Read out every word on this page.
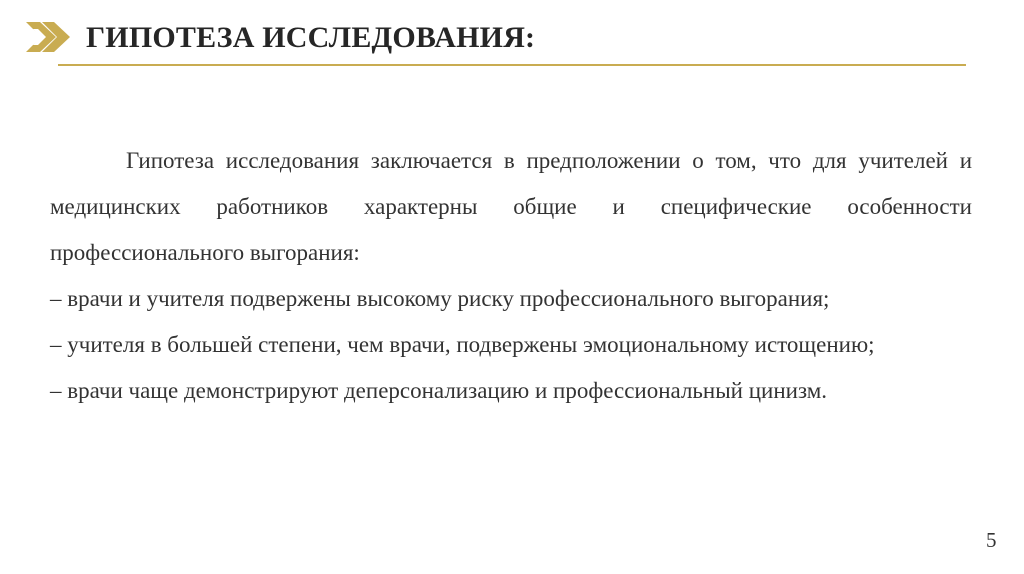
ГИПОТЕЗА ИССЛЕДОВАНИЯ:

Гипотеза исследования заключается в предположении о том, что для учителей и медицинских работников характерны общие и специфические особенности профессионального выгорания:

– врачи и учителя подвержены высокому риску профессионального выгорания;

– учителя в большей степени, чем врачи, подвержены эмоциональному истощению;

– врачи чаще демонстрируют деперсонализацию и профессиональный цинизм.

5
